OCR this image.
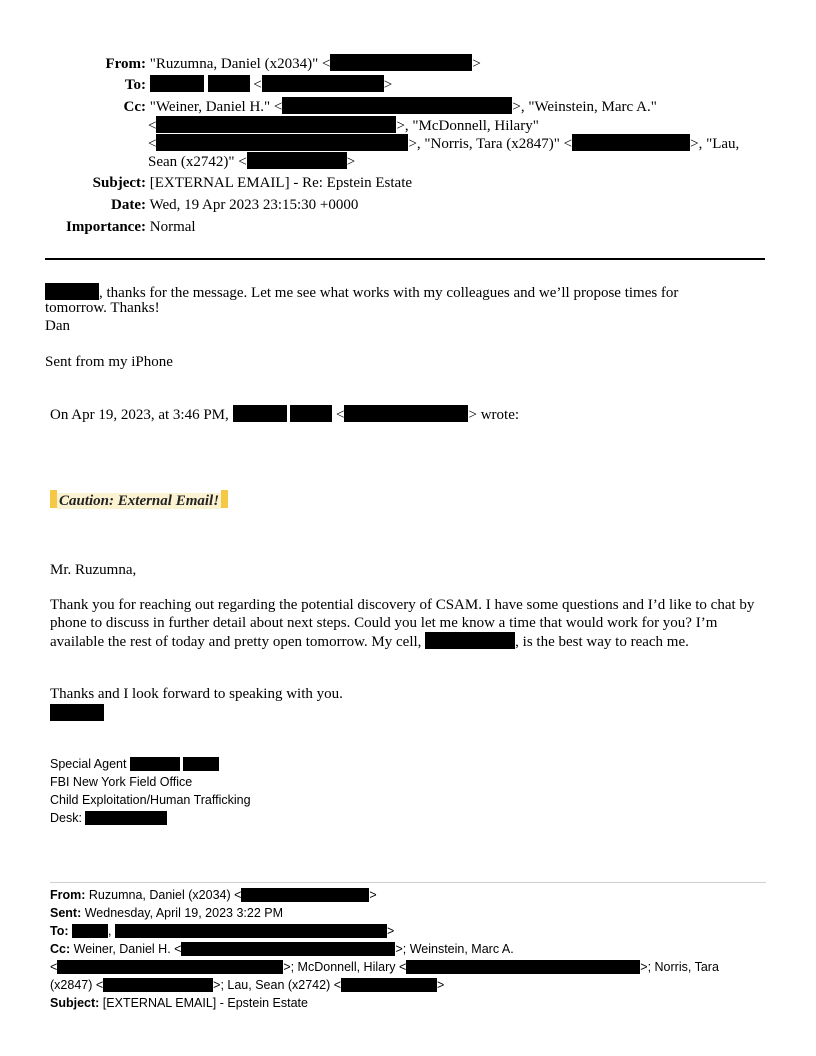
From: "Ruzumna, Daniel (x2034)" <	>
To:	<	>
Cc: "Weiner, Daniel H." <	>, "Weinstein, Marc A."
<	>, "McDonnell, Hilary"
<	>, "Norris, Tara (x2847)" <	>, "Lau,
Sean (x2742)" <	>
Subject: [EXTERNAL EMAIL] - Re: Epstein Estate
Date: Wed, 19 Apr 2023 23:15:30 +0000
Importance: Normal
, thanks for the message. Let me see what works with my colleagues and we’ll propose times for
tomorrow. Thanks!
Dan
Sent from my iPhone
On Apr 19, 2023, at 3:46 PM,	<	> wrote:
Caution: External Email!
Mr. Ruzumna,
Thank you for reaching out regarding the potential discovery of CSAM. I have some questions and I’d like to chat by phone to discuss in further detail about next steps. Could you let me know a time that would work for you? I’m available the rest of today and pretty open tomorrow. My cell,	, is the best way to reach me.
Thanks and I look forward to speaking with you.
Special Agent
FBI New York Field Office
Child Exploitation/Human Trafficking
Desk:
From: Ruzumna, Daniel (x2034) <	>
Sent: Wednesday, April 19, 2023 3:22 PM
To:	,	>
Cc: Weiner, Daniel H. <	>; Weinstein, Marc A.
<	>; McDonnell, Hilary <	>; Norris, Tara
(x2847) <	>; Lau, Sean (x2742) <	>
Subject: [EXTERNAL EMAIL] - Epstein Estate
